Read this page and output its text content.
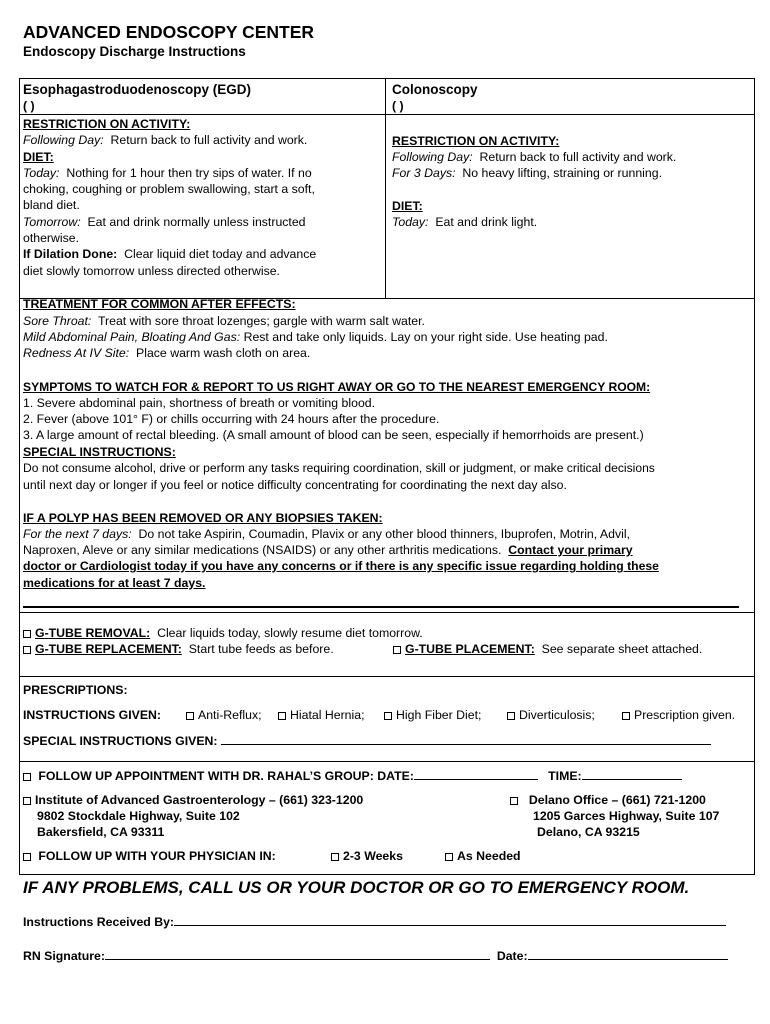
ADVANCED ENDOSCOPY CENTER
Endoscopy Discharge Instructions
Esophagastroduodenoscopy (EGD)
( )
RESTRICTION ON ACTIVITY:
Following Day: Return back to full activity and work.
DIET:
Today: Nothing for 1 hour then try sips of water. If no
choking, coughing or problem swallowing, start a soft,
bland diet.
Tomorrow: Eat and drink normally unless instructed
otherwise.
If Dilation Done: Clear liquid diet today and advance
diet slowly tomorrow unless directed otherwise.
Colonoscopy
( )
RESTRICTION ON ACTIVITY:
Following Day: Return back to full activity and work.
For 3 Days: No heavy lifting, straining or running.
DIET:
Today: Eat and drink light.
TREATMENT FOR COMMON AFTER EFFECTS:
Sore Throat: Treat with sore throat lozenges; gargle with warm salt water.
Mild Abdominal Pain, Bloating And Gas: Rest and take only liquids. Lay on your right side. Use heating pad.
Redness At IV Site: Place warm wash cloth on area.
SYMPTOMS TO WATCH FOR & REPORT TO US RIGHT AWAY OR GO TO THE NEAREST EMERGENCY ROOM:
1. Severe abdominal pain, shortness of breath or vomiting blood.
2. Fever (above 101° F) or chills occurring with 24 hours after the procedure.
3. A large amount of rectal bleeding. (A small amount of blood can be seen, especially if hemorrhoids are present.)
SPECIAL INSTRUCTIONS:
Do not consume alcohol, drive or perform any tasks requiring coordination, skill or judgment, or make critical decisions
until next day or longer if you feel or notice difficulty concentrating for coordinating the next day also.
IF A POLYP HAS BEEN REMOVED OR ANY BIOPSIES TAKEN:
For the next 7 days: Do not take Aspirin, Coumadin, Plavix or any other blood thinners, Ibuprofen, Motrin, Advil,
Naproxen, Aleve or any similar medications (NSAIDS) or any other arthritis medications. Contact your primary
doctor or Cardiologist today if you have any concerns or if there is any specific issue regarding holding these
medications for at least 7 days.
G-TUBE REMOVAL: Clear liquids today, slowly resume diet tomorrow.
G-TUBE REPLACEMENT: Start tube feeds as before.	G-TUBE PLACEMENT: See separate sheet attached.
PRESCRIPTIONS:
INSTRUCTIONS GIVEN:	Anti-Reflux;	Hiatal Hernia;	High Fiber Diet;	Diverticulosis;	Prescription given.
SPECIAL INSTRUCTIONS GIVEN:
FOLLOW UP APPOINTMENT WITH DR. RAHAL’S GROUP: DATE:	TIME:
Institute of Advanced Gastroenterology – (661) 323-1200
9802 Stockdale Highway, Suite 102
Bakersfield, CA 93311
Delano Office – (661) 721-1200
1205 Garces Highway, Suite 107
Delano, CA 93215
FOLLOW UP WITH YOUR PHYSICIAN IN:	2-3 Weeks	As Needed
IF ANY PROBLEMS, CALL US OR YOUR DOCTOR OR GO TO EMERGENCY ROOM.
Instructions Received By:
RN Signature:	Date:
